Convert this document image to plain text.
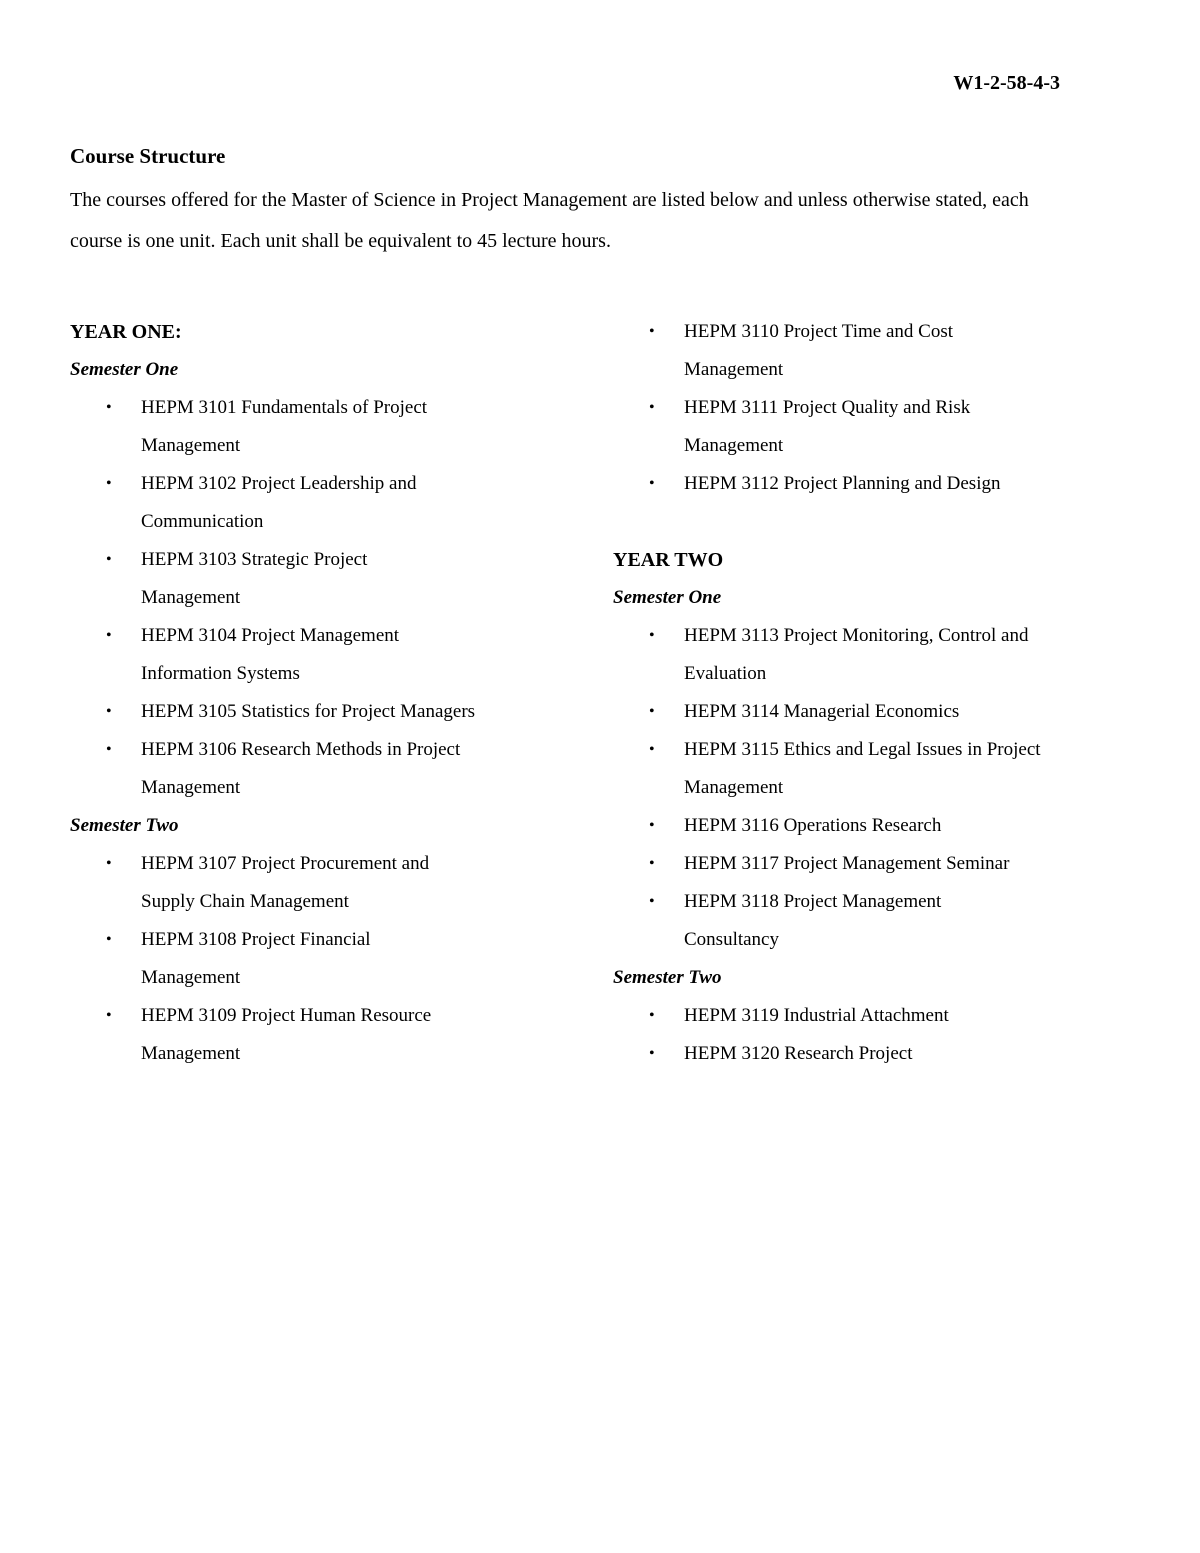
W1-2-58-4-3
Course Structure
The courses offered for the Master of Science in Project Management are listed below and unless otherwise stated, each course is one unit. Each unit shall be equivalent to 45 lecture hours.
YEAR ONE:
Semester One
• HEPM 3101 Fundamentals of Project Management
• HEPM 3102 Project Leadership and Communication
• HEPM 3103 Strategic Project Management
• HEPM 3104 Project Management Information Systems
• HEPM 3105 Statistics for Project Managers
• HEPM 3106 Research Methods in Project Management
Semester Two
• HEPM 3107 Project Procurement and Supply Chain Management
• HEPM 3108 Project Financial Management
• HEPM 3109 Project Human Resource Management
• HEPM 3110 Project Time and Cost Management
• HEPM 3111 Project Quality and Risk Management
• HEPM 3112 Project Planning and Design
YEAR TWO
Semester One
• HEPM 3113 Project Monitoring, Control and Evaluation
• HEPM 3114 Managerial Economics
• HEPM 3115 Ethics and Legal Issues in Project Management
• HEPM 3116 Operations Research
• HEPM 3117 Project Management Seminar
• HEPM 3118 Project Management Consultancy
Semester Two
• HEPM 3119 Industrial Attachment
• HEPM 3120 Research Project
